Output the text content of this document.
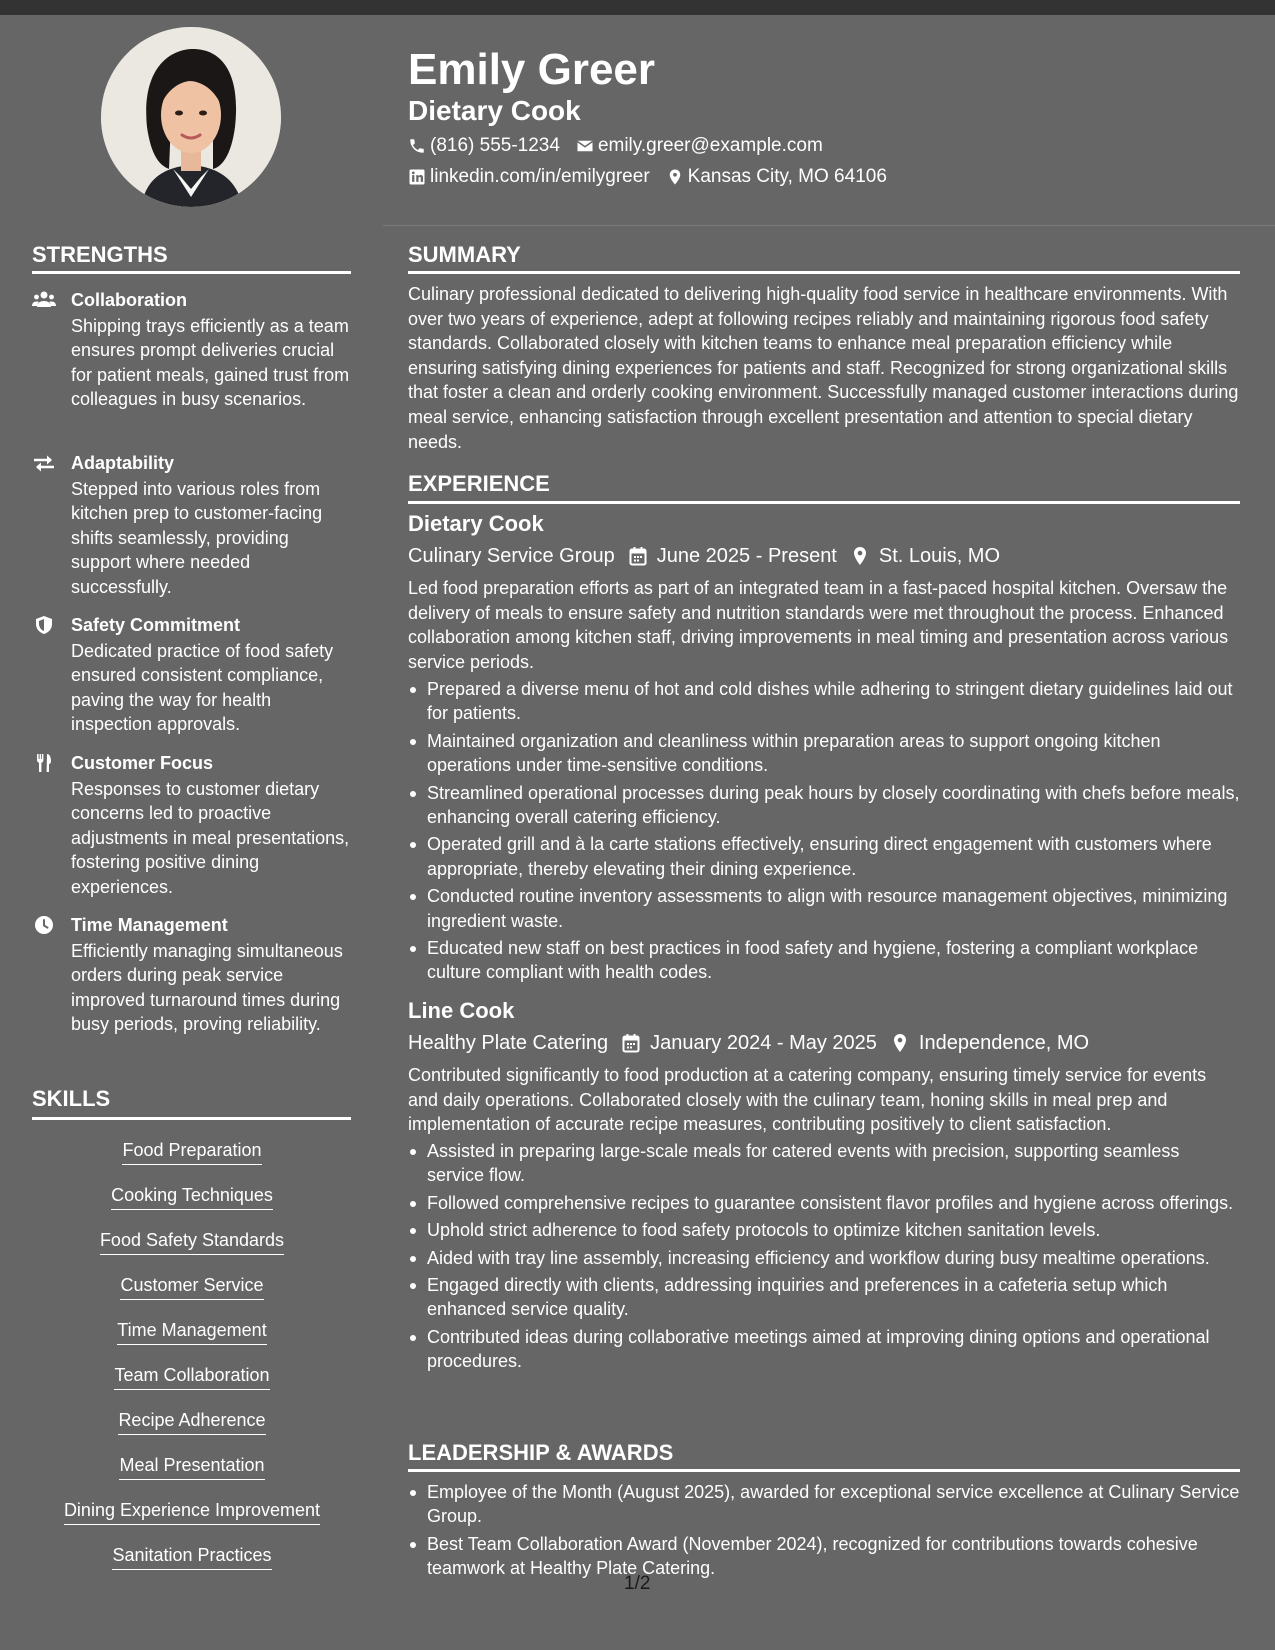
Emily Greer
Dietary Cook
(816) 555-1234 emily.greer@example.com
linkedin.com/in/emilygreer Kansas City, MO 64106
STRENGTHS
Collaboration

Shipping trays efficiently as a team ensures prompt deliveries crucial for patient meals, gained trust from colleagues in busy scenarios.

Adaptability

Stepped into various roles from kitchen prep to customer-facing shifts seamlessly, providing support where needed successfully.

Safety Commitment

Dedicated practice of food safety ensured consistent compliance, paving the way for health inspection approvals.

Customer Focus

Responses to customer dietary concerns led to proactive adjustments in meal presentations, fostering positive dining experiences.

Time Management

Efficiently managing simultaneous orders during peak service improved turnaround times during busy periods, proving reliability.

SKILLS
Food Preparation
Cooking Techniques
Food Safety Standards
Customer Service
Time Management
Team Collaboration
Recipe Adherence
Meal Presentation
Dining Experience Improvement
Sanitation Practices
SUMMARY

Culinary professional dedicated to delivering high-quality food service in healthcare environments. With over two years of experience, adept at following recipes reliably and maintaining rigorous food safety standards. Collaborated closely with kitchen teams to enhance meal preparation efficiency while ensuring satisfying dining experiences for patients and staff. Recognized for strong organizational skills that foster a clean and orderly cooking environment. Successfully managed customer interactions during meal service, enhancing satisfaction through excellent presentation and attention to special dietary needs.

EXPERIENCE
Dietary Cook
Culinary Service Group June 2025 - Present St. Louis, MO

Led food preparation efforts as part of an integrated team in a fast-paced hospital kitchen. Oversaw the delivery of meals to ensure safety and nutrition standards were met throughout the process. Enhanced collaboration among kitchen staff, driving improvements in meal timing and presentation across various service periods.

Prepared a diverse menu of hot and cold dishes while adhering to stringent dietary guidelines laid out for patients.
Maintained organization and cleanliness within preparation areas to support ongoing kitchen operations under time-sensitive conditions.
Streamlined operational processes during peak hours by closely coordinating with chefs before meals, enhancing overall catering efficiency.
Operated grill and à la carte stations effectively, ensuring direct engagement with customers where appropriate, thereby elevating their dining experience.
Conducted routine inventory assessments to align with resource management objectives, minimizing ingredient waste.
Educated new staff on best practices in food safety and hygiene, fostering a compliant workplace culture compliant with health codes.
Line Cook
Healthy Plate Catering January 2024 - May 2025 Independence, MO

Contributed significantly to food production at a catering company, ensuring timely service for events and daily operations. Collaborated closely with the culinary team, honing skills in meal prep and implementation of accurate recipe measures, contributing positively to client satisfaction.

Assisted in preparing large-scale meals for catered events with precision, supporting seamless service flow.
Followed comprehensive recipes to guarantee consistent flavor profiles and hygiene across offerings.
Uphold strict adherence to food safety protocols to optimize kitchen sanitation levels.
Aided with tray line assembly, increasing efficiency and workflow during busy mealtime operations.
Engaged directly with clients, addressing inquiries and preferences in a cafeteria setup which enhanced service quality.
Contributed ideas during collaborative meetings aimed at improving dining options and operational procedures.
LEADERSHIP & AWARDS
Employee of the Month (August 2025), awarded for exceptional service excellence at Culinary Service Group.
Best Team Collaboration Award (November 2024), recognized for contributions towards cohesive teamwork at Healthy Plate Catering.
1/2
